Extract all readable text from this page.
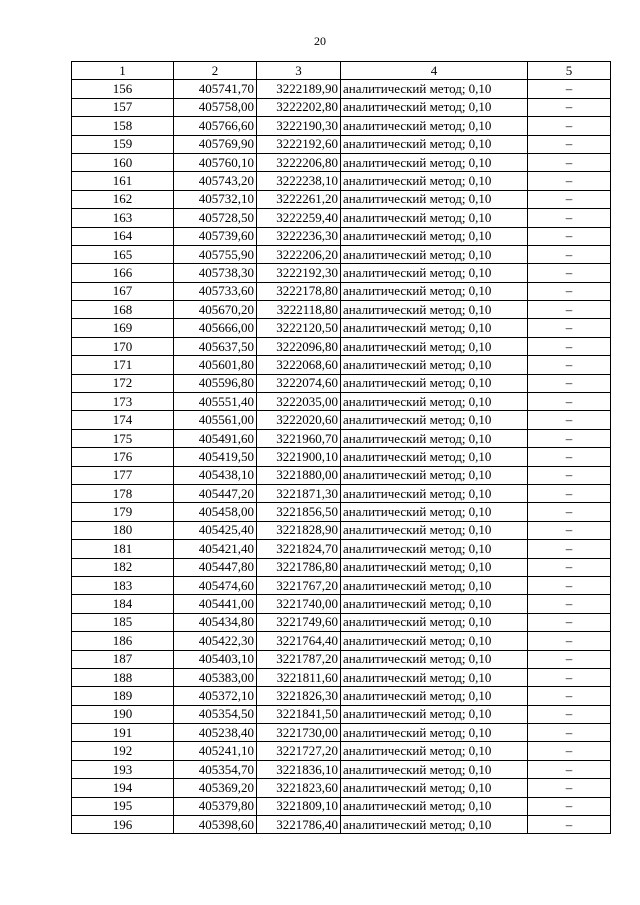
20
1	2	3	4	5
156	405741,70	3222189,90	аналитический метод; 0,10	–
157	405758,00	3222202,80	аналитический метод; 0,10	–
158	405766,60	3222190,30	аналитический метод; 0,10	–
159	405769,90	3222192,60	аналитический метод; 0,10	–
160	405760,10	3222206,80	аналитический метод; 0,10	–
161	405743,20	3222238,10	аналитический метод; 0,10	–
162	405732,10	3222261,20	аналитический метод; 0,10	–
163	405728,50	3222259,40	аналитический метод; 0,10	–
164	405739,60	3222236,30	аналитический метод; 0,10	–
165	405755,90	3222206,20	аналитический метод; 0,10	–
166	405738,30	3222192,30	аналитический метод; 0,10	–
167	405733,60	3222178,80	аналитический метод; 0,10	–
168	405670,20	3222118,80	аналитический метод; 0,10	–
169	405666,00	3222120,50	аналитический метод; 0,10	–
170	405637,50	3222096,80	аналитический метод; 0,10	–
171	405601,80	3222068,60	аналитический метод; 0,10	–
172	405596,80	3222074,60	аналитический метод; 0,10	–
173	405551,40	3222035,00	аналитический метод; 0,10	–
174	405561,00	3222020,60	аналитический метод; 0,10	–
175	405491,60	3221960,70	аналитический метод; 0,10	–
176	405419,50	3221900,10	аналитический метод; 0,10	–
177	405438,10	3221880,00	аналитический метод; 0,10	–
178	405447,20	3221871,30	аналитический метод; 0,10	–
179	405458,00	3221856,50	аналитический метод; 0,10	–
180	405425,40	3221828,90	аналитический метод; 0,10	–
181	405421,40	3221824,70	аналитический метод; 0,10	–
182	405447,80	3221786,80	аналитический метод; 0,10	–
183	405474,60	3221767,20	аналитический метод; 0,10	–
184	405441,00	3221740,00	аналитический метод; 0,10	–
185	405434,80	3221749,60	аналитический метод; 0,10	–
186	405422,30	3221764,40	аналитический метод; 0,10	–
187	405403,10	3221787,20	аналитический метод; 0,10	–
188	405383,00	3221811,60	аналитический метод; 0,10	–
189	405372,10	3221826,30	аналитический метод; 0,10	–
190	405354,50	3221841,50	аналитический метод; 0,10	–
191	405238,40	3221730,00	аналитический метод; 0,10	–
192	405241,10	3221727,20	аналитический метод; 0,10	–
193	405354,70	3221836,10	аналитический метод; 0,10	–
194	405369,20	3221823,60	аналитический метод; 0,10	–
195	405379,80	3221809,10	аналитический метод; 0,10	–
196	405398,60	3221786,40	аналитический метод; 0,10	–
